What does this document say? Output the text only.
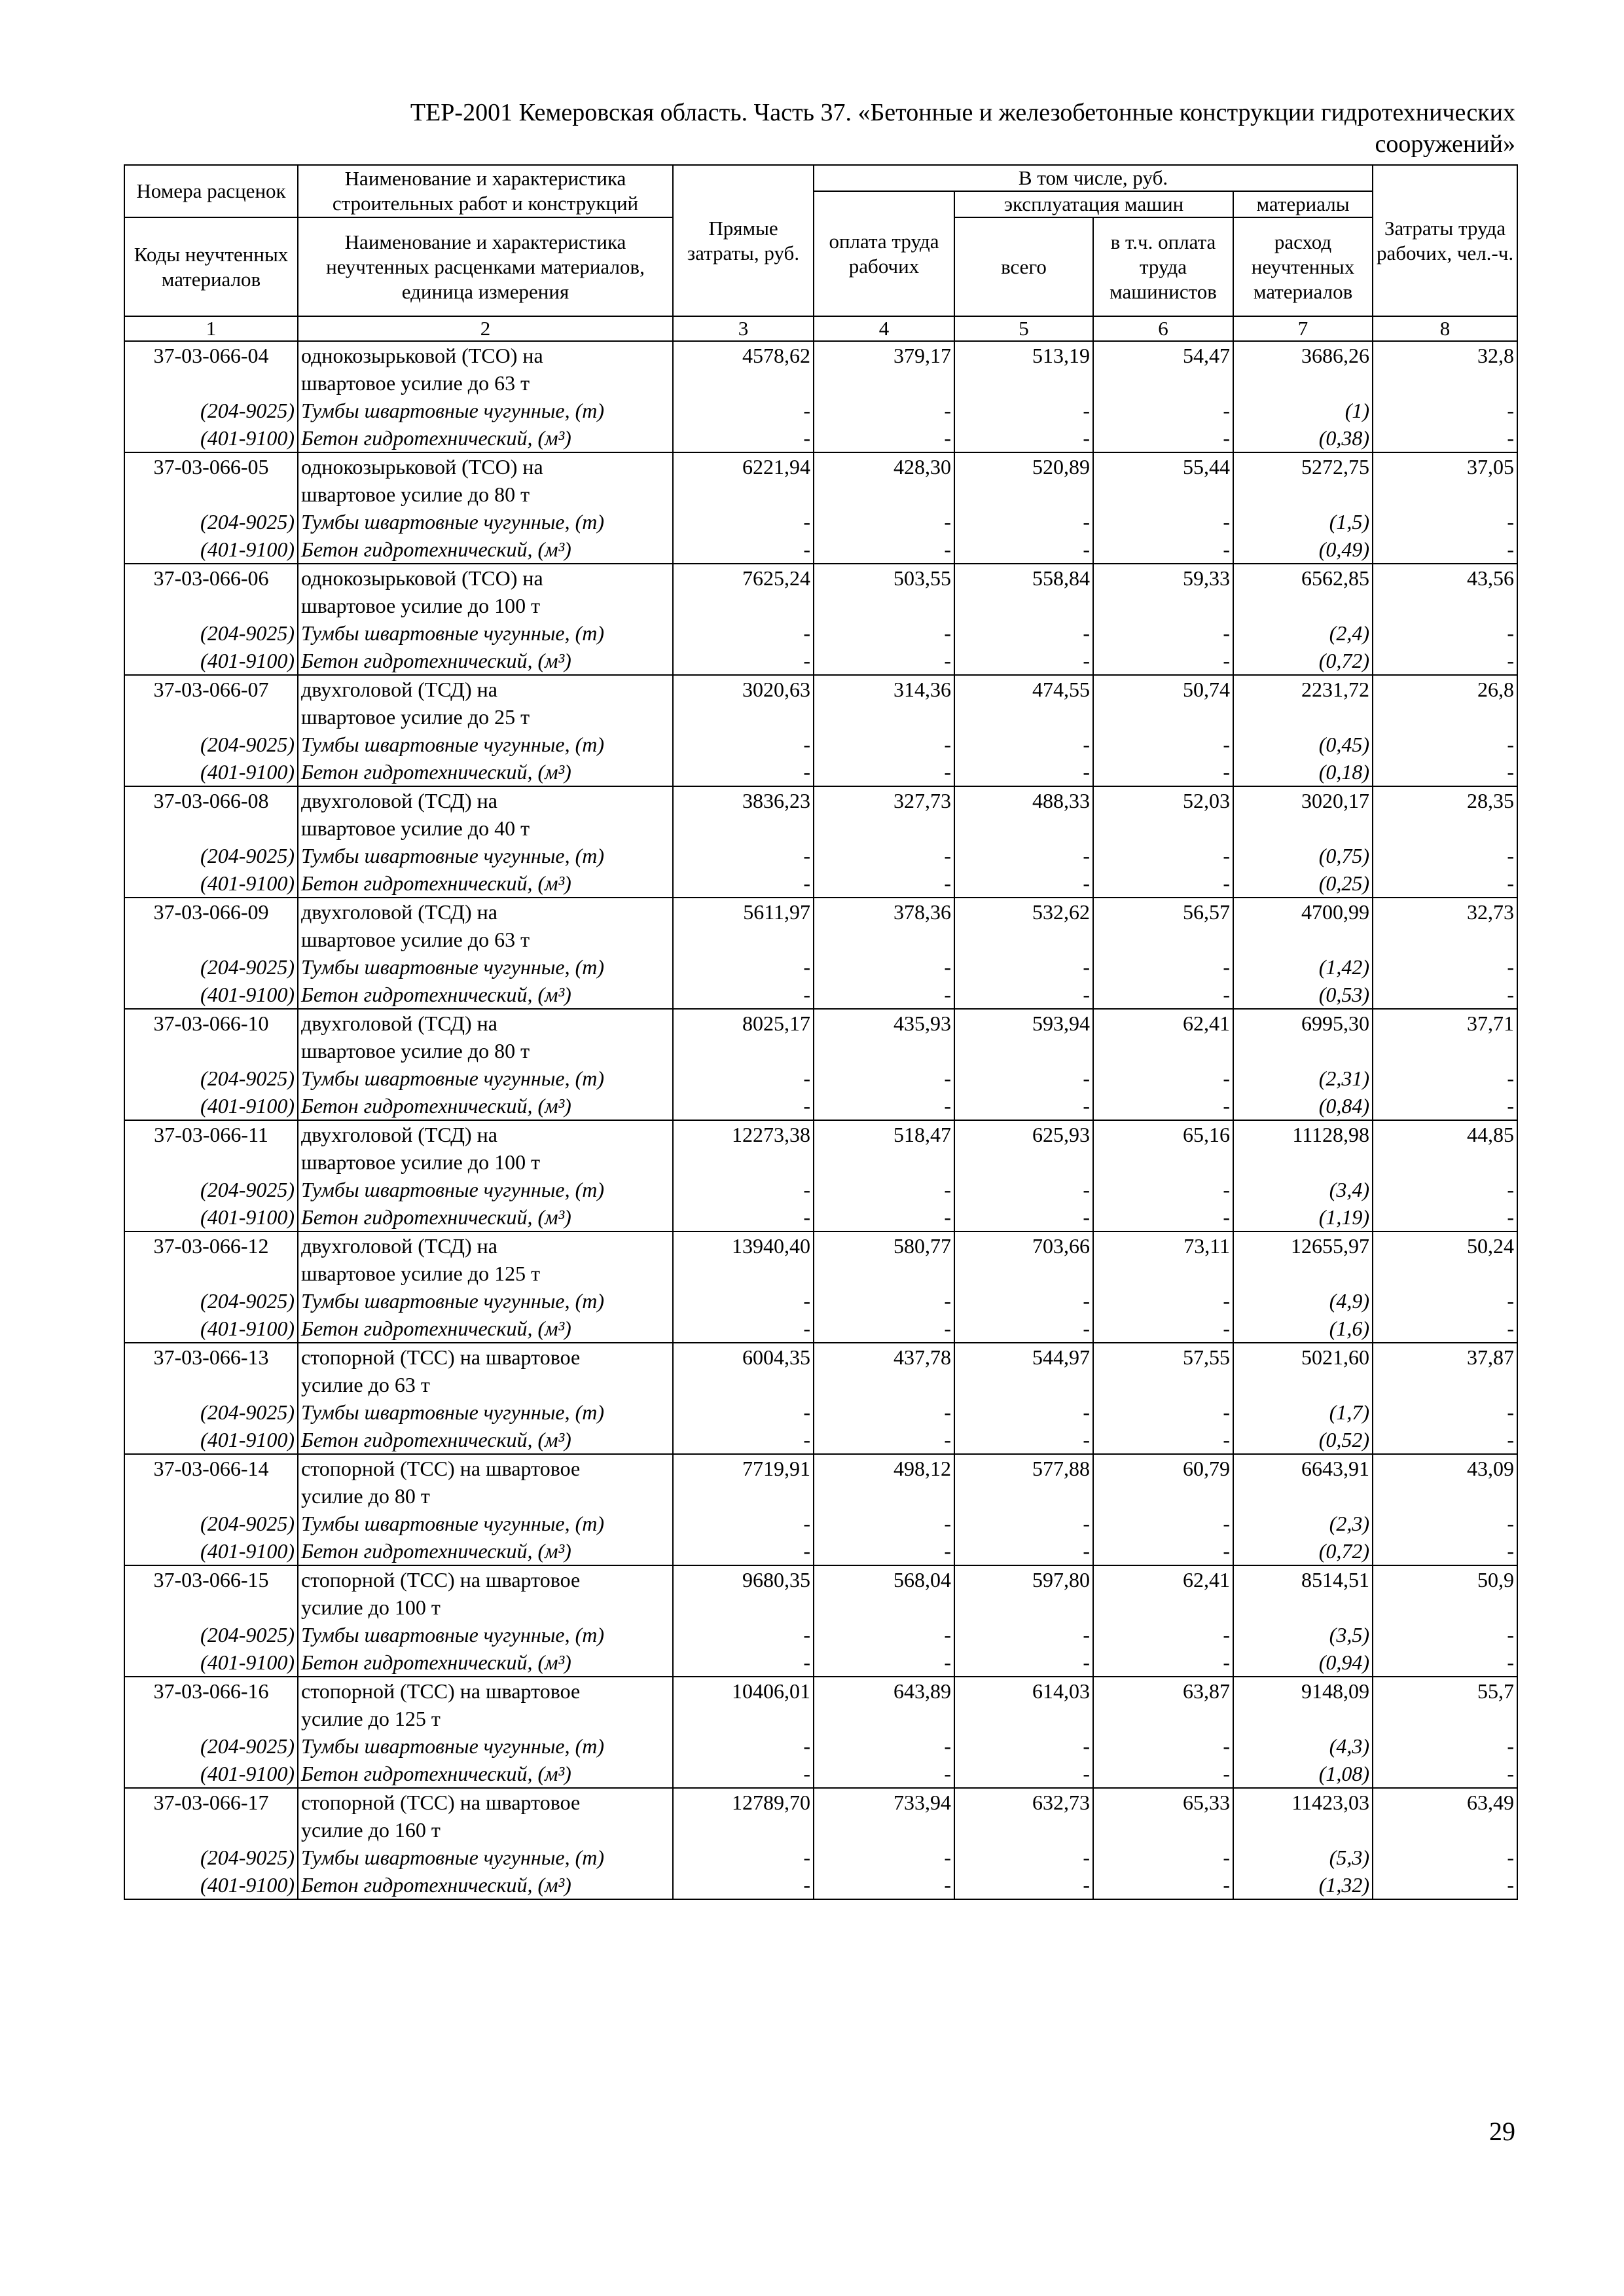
ТЕР-2001 Кемеровская область. Часть 37. «Бетонные и железобетонные конструкции гидротехнических
сооружений»
Номера расценок	Наименование и характеристика строительных работ и конструкций	Прямые затраты, руб.	В том числе, руб.				Затраты труда рабочих, чел.-ч.
			оплата труда рабочих	эксплуатация машин		материалы	
Коды неучтенных материалов	Наименование и характеристика неучтенных расценками материалов, единица измерения			всего	в т.ч. оплата труда машинистов	расход неучтенных материалов	

1	2	3	4	5	6	7	8
37-03-066-04	однокозырьковой (ТСО) на	4578,62	379,17	513,19	54,47	3686,26	32,8
	швартовое усилие до 63 т						
(204-9025)	Тумбы швартовные чугунные, (т)	-	-	-	-	(1)	-
(401-9100)	Бетон гидротехнический, (м³)	-	-	-	-	(0,38)	-
37-03-066-05	однокозырьковой (ТСО) на	6221,94	428,30	520,89	55,44	5272,75	37,05
	швартовое усилие до 80 т						
(204-9025)	Тумбы швартовные чугунные, (т)	-	-	-	-	(1,5)	-
(401-9100)	Бетон гидротехнический, (м³)	-	-	-	-	(0,49)	-
37-03-066-06	однокозырьковой (ТСО) на	7625,24	503,55	558,84	59,33	6562,85	43,56
	швартовое усилие до 100 т						
(204-9025)	Тумбы швартовные чугунные, (т)	-	-	-	-	(2,4)	-
(401-9100)	Бетон гидротехнический, (м³)	-	-	-	-	(0,72)	-
37-03-066-07	двухголовой (ТСД) на	3020,63	314,36	474,55	50,74	2231,72	26,8
	швартовое усилие до 25 т						
(204-9025)	Тумбы швартовные чугунные, (т)	-	-	-	-	(0,45)	-
(401-9100)	Бетон гидротехнический, (м³)	-	-	-	-	(0,18)	-
37-03-066-08	двухголовой (ТСД) на	3836,23	327,73	488,33	52,03	3020,17	28,35
	швартовое усилие до 40 т						
(204-9025)	Тумбы швартовные чугунные, (т)	-	-	-	-	(0,75)	-
(401-9100)	Бетон гидротехнический, (м³)	-	-	-	-	(0,25)	-
37-03-066-09	двухголовой (ТСД) на	5611,97	378,36	532,62	56,57	4700,99	32,73
	швартовое усилие до 63 т						
(204-9025)	Тумбы швартовные чугунные, (т)	-	-	-	-	(1,42)	-
(401-9100)	Бетон гидротехнический, (м³)	-	-	-	-	(0,53)	-
37-03-066-10	двухголовой (ТСД) на	8025,17	435,93	593,94	62,41	6995,30	37,71
	швартовое усилие до 80 т						
(204-9025)	Тумбы швартовные чугунные, (т)	-	-	-	-	(2,31)	-
(401-9100)	Бетон гидротехнический, (м³)	-	-	-	-	(0,84)	-
37-03-066-11	двухголовой (ТСД) на	12273,38	518,47	625,93	65,16	11128,98	44,85
	швартовое усилие до 100 т						
(204-9025)	Тумбы швартовные чугунные, (т)	-	-	-	-	(3,4)	-
(401-9100)	Бетон гидротехнический, (м³)	-	-	-	-	(1,19)	-
37-03-066-12	двухголовой (ТСД) на	13940,40	580,77	703,66	73,11	12655,97	50,24
	швартовое усилие до 125 т						
(204-9025)	Тумбы швартовные чугунные, (т)	-	-	-	-	(4,9)	-
(401-9100)	Бетон гидротехнический, (м³)	-	-	-	-	(1,6)	-
37-03-066-13	стопорной (ТСС) на швартовое	6004,35	437,78	544,97	57,55	5021,60	37,87
	усилие до 63 т						
(204-9025)	Тумбы швартовные чугунные, (т)	-	-	-	-	(1,7)	-
(401-9100)	Бетон гидротехнический, (м³)	-	-	-	-	(0,52)	-
37-03-066-14	стопорной (ТСС) на швартовое	7719,91	498,12	577,88	60,79	6643,91	43,09
	усилие до 80 т						
(204-9025)	Тумбы швартовные чугунные, (т)	-	-	-	-	(2,3)	-
(401-9100)	Бетон гидротехнический, (м³)	-	-	-	-	(0,72)	-
37-03-066-15	стопорной (ТСС) на швартовое	9680,35	568,04	597,80	62,41	8514,51	50,9
	усилие до 100 т						
(204-9025)	Тумбы швартовные чугунные, (т)	-	-	-	-	(3,5)	-
(401-9100)	Бетон гидротехнический, (м³)	-	-	-	-	(0,94)	-
37-03-066-16	стопорной (ТСС) на швартовое	10406,01	643,89	614,03	63,87	9148,09	55,7
	усилие до 125 т						
(204-9025)	Тумбы швартовные чугунные, (т)	-	-	-	-	(4,3)	-
(401-9100)	Бетон гидротехнический, (м³)	-	-	-	-	(1,08)	-
37-03-066-17	стопорной (ТСС) на швартовое	12789,70	733,94	632,73	65,33	11423,03	63,49
	усилие до 160 т						
(204-9025)	Тумбы швартовные чугунные, (т)	-	-	-	-	(5,3)	-
(401-9100)	Бетон гидротехнический, (м³)	-	-	-	-	(1,32)	-
29
